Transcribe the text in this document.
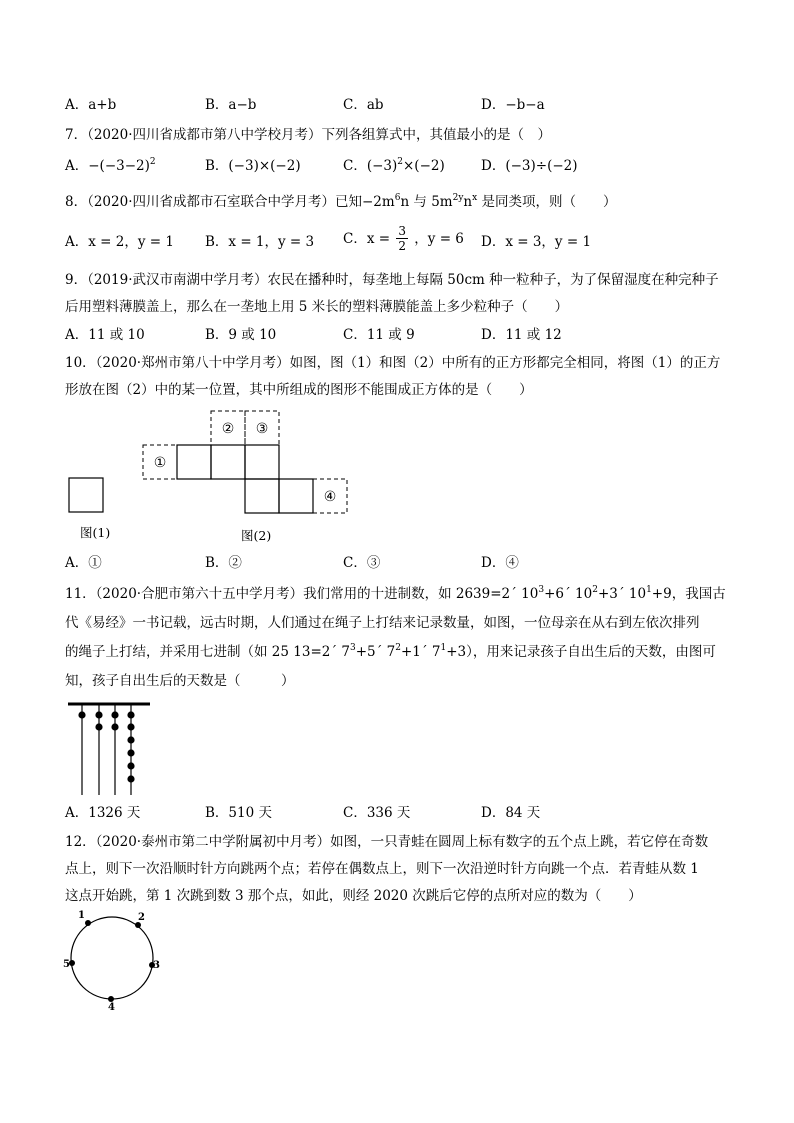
A．a+b	B．a−b	C．ab	D．−b−a
7．（2020·四川省成都市第八中学校月考）下列各组算式中，其值最小的是（　）
A．$-(-3-2)^2$	B．(−3)×(−2)	C．$(-3)^2\times(-2)$	D．(−3)÷(−2)
8．（2020·四川省成都市石室联合中学月考）已知$-2m^6n$ 与 $5m^{2y}n^x$ 是同类项，则（　　）
A．x = 2，y = 1 B．x = 1，y = 3 C．$x = \frac{3}{2}$ ，y = 6 D．x = 3，y = 1
9．（2019·武汉市南湖中学月考）农民在播种时，每垄地上每隔 50cm 种一粒种子，为了保留湿度在种完种子
后用塑料薄膜盖上，那么在一垄地上用 5 米长的塑料薄膜能盖上多少粒种子（　　）
A．11 或 10	B．9 或 10	C．11 或 9	D．11 或 12
10．（2020·郑州市第八十中学月考）如图，图（1）和图（2）中所有的正方形都完全相同，将图（1）的正方
形放在图（2）中的某一位置，其中所组成的图形不能围成正方体的是（　　）
图(1)
①
② ③
④
图(2)
A．①	B．②	C．③	D．④
11．（2020·合肥市第六十五中学月考）我们常用的十进制数，如 2639=2´ $10^3+6´$ $10^2+3´$ $10^1+9$，我国古
代《易经》一书记载，远古时期，人们通过在绳子上打结来记录数量，如图，一位母亲在从右到左依次排列
的绳子上打结，并采用七进制（如 25 13=2´ $7^3+5´$ $7^2+1´$ $7^1+3$），用来记录孩子自出生后的天数，由图可
知，孩子自出生后的天数是（　　　）
A．1326 天	B．510 天	C．336 天	D．84 天
12．（2020·泰州市第二中学附属初中月考）如图，一只青蛙在圆周上标有数字的五个点上跳，若它停在奇数
点上，则下一次沿顺时针方向跳两个点；若停在偶数点上，则下一次沿逆时针方向跳一个点．若青蛙从数 1
这点开始跳，第 1 次跳到数 3 那个点，如此，则经 2020 次跳后它停的点所对应的数为（　　）
1	2
3
4
5
